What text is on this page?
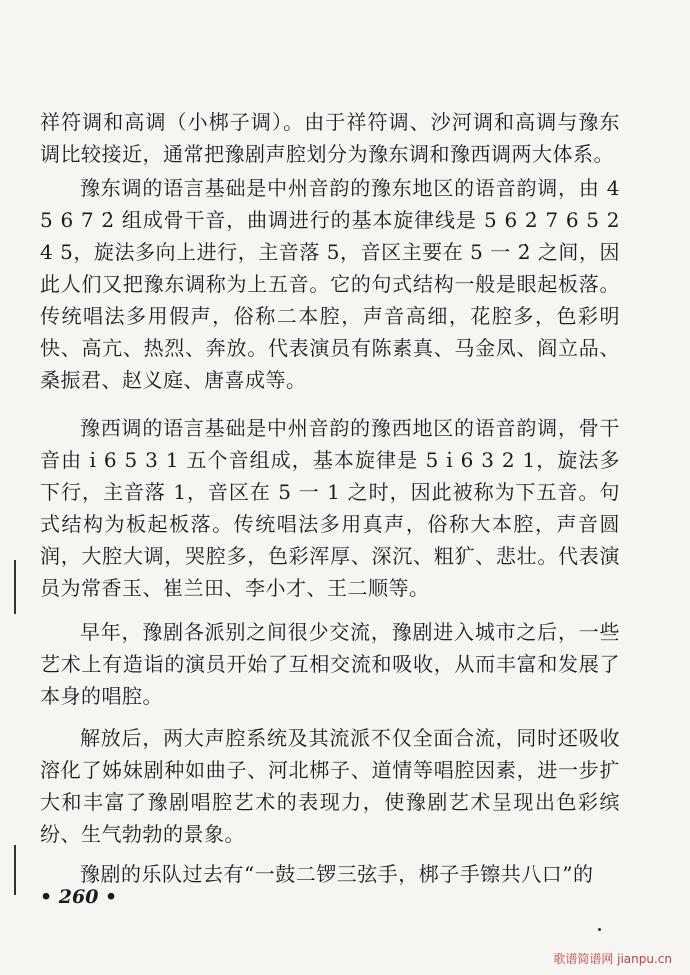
祥符调和高调（小梆子调）。由于祥符调、沙河调和高调与豫东调比较接近，通常把豫剧声腔划分为豫东调和豫西调两大体系。

豫东调的语言基础是中州音韵的豫东地区的语音韵调，由 4 5 6 7 2̇ 组成骨干音，曲调进行的基本旋律线是 5 6 2̇ 7 6 5 2 4 5，旋法多向上进行，主音落 5，音区主要在 5 一 2̇ 之间，因此人们又把豫东调称为上五音。它的句式结构一般是眼起板落。传统唱法多用假声，俗称二本腔，声音高细，花腔多，色彩明快、高亢、热烈、奔放。代表演员有陈素真、马金凤、阎立品、桑振君、赵义庭、唐喜成等。

豫西调的语言基础是中州音韵的豫西地区的语音韵调，骨干音由 i̇ 6 5 3 1 五个音组成，基本旋律是 5 i̇ 6 3 2 1，旋法多下行，主音落 1，音区在 5 一 1 之时，因此被称为下五音。句式结构为板起板落。传统唱法多用真声，俗称大本腔，声音圆润，大腔大调，哭腔多，色彩浑厚、深沉、粗犷、悲壮。代表演员为常香玉、崔兰田、李小才、王二顺等。

早年，豫剧各派别之间很少交流，豫剧进入城市之后，一些艺术上有造诣的演员开始了互相交流和吸收，从而丰富和发展了本身的唱腔。

解放后，两大声腔系统及其流派不仅全面合流，同时还吸收溶化了姊妹剧种如曲子、河北梆子、道情等唱腔因素，进一步扩大和丰富了豫剧唱腔艺术的表现力，使豫剧艺术呈现出色彩缤纷、生气勃勃的景象。

豫剧的乐队过去有“一鼓二锣三弦手，梆子手镲共八口”的

• 260 •
歌谱简谱网 jianpu.cn
